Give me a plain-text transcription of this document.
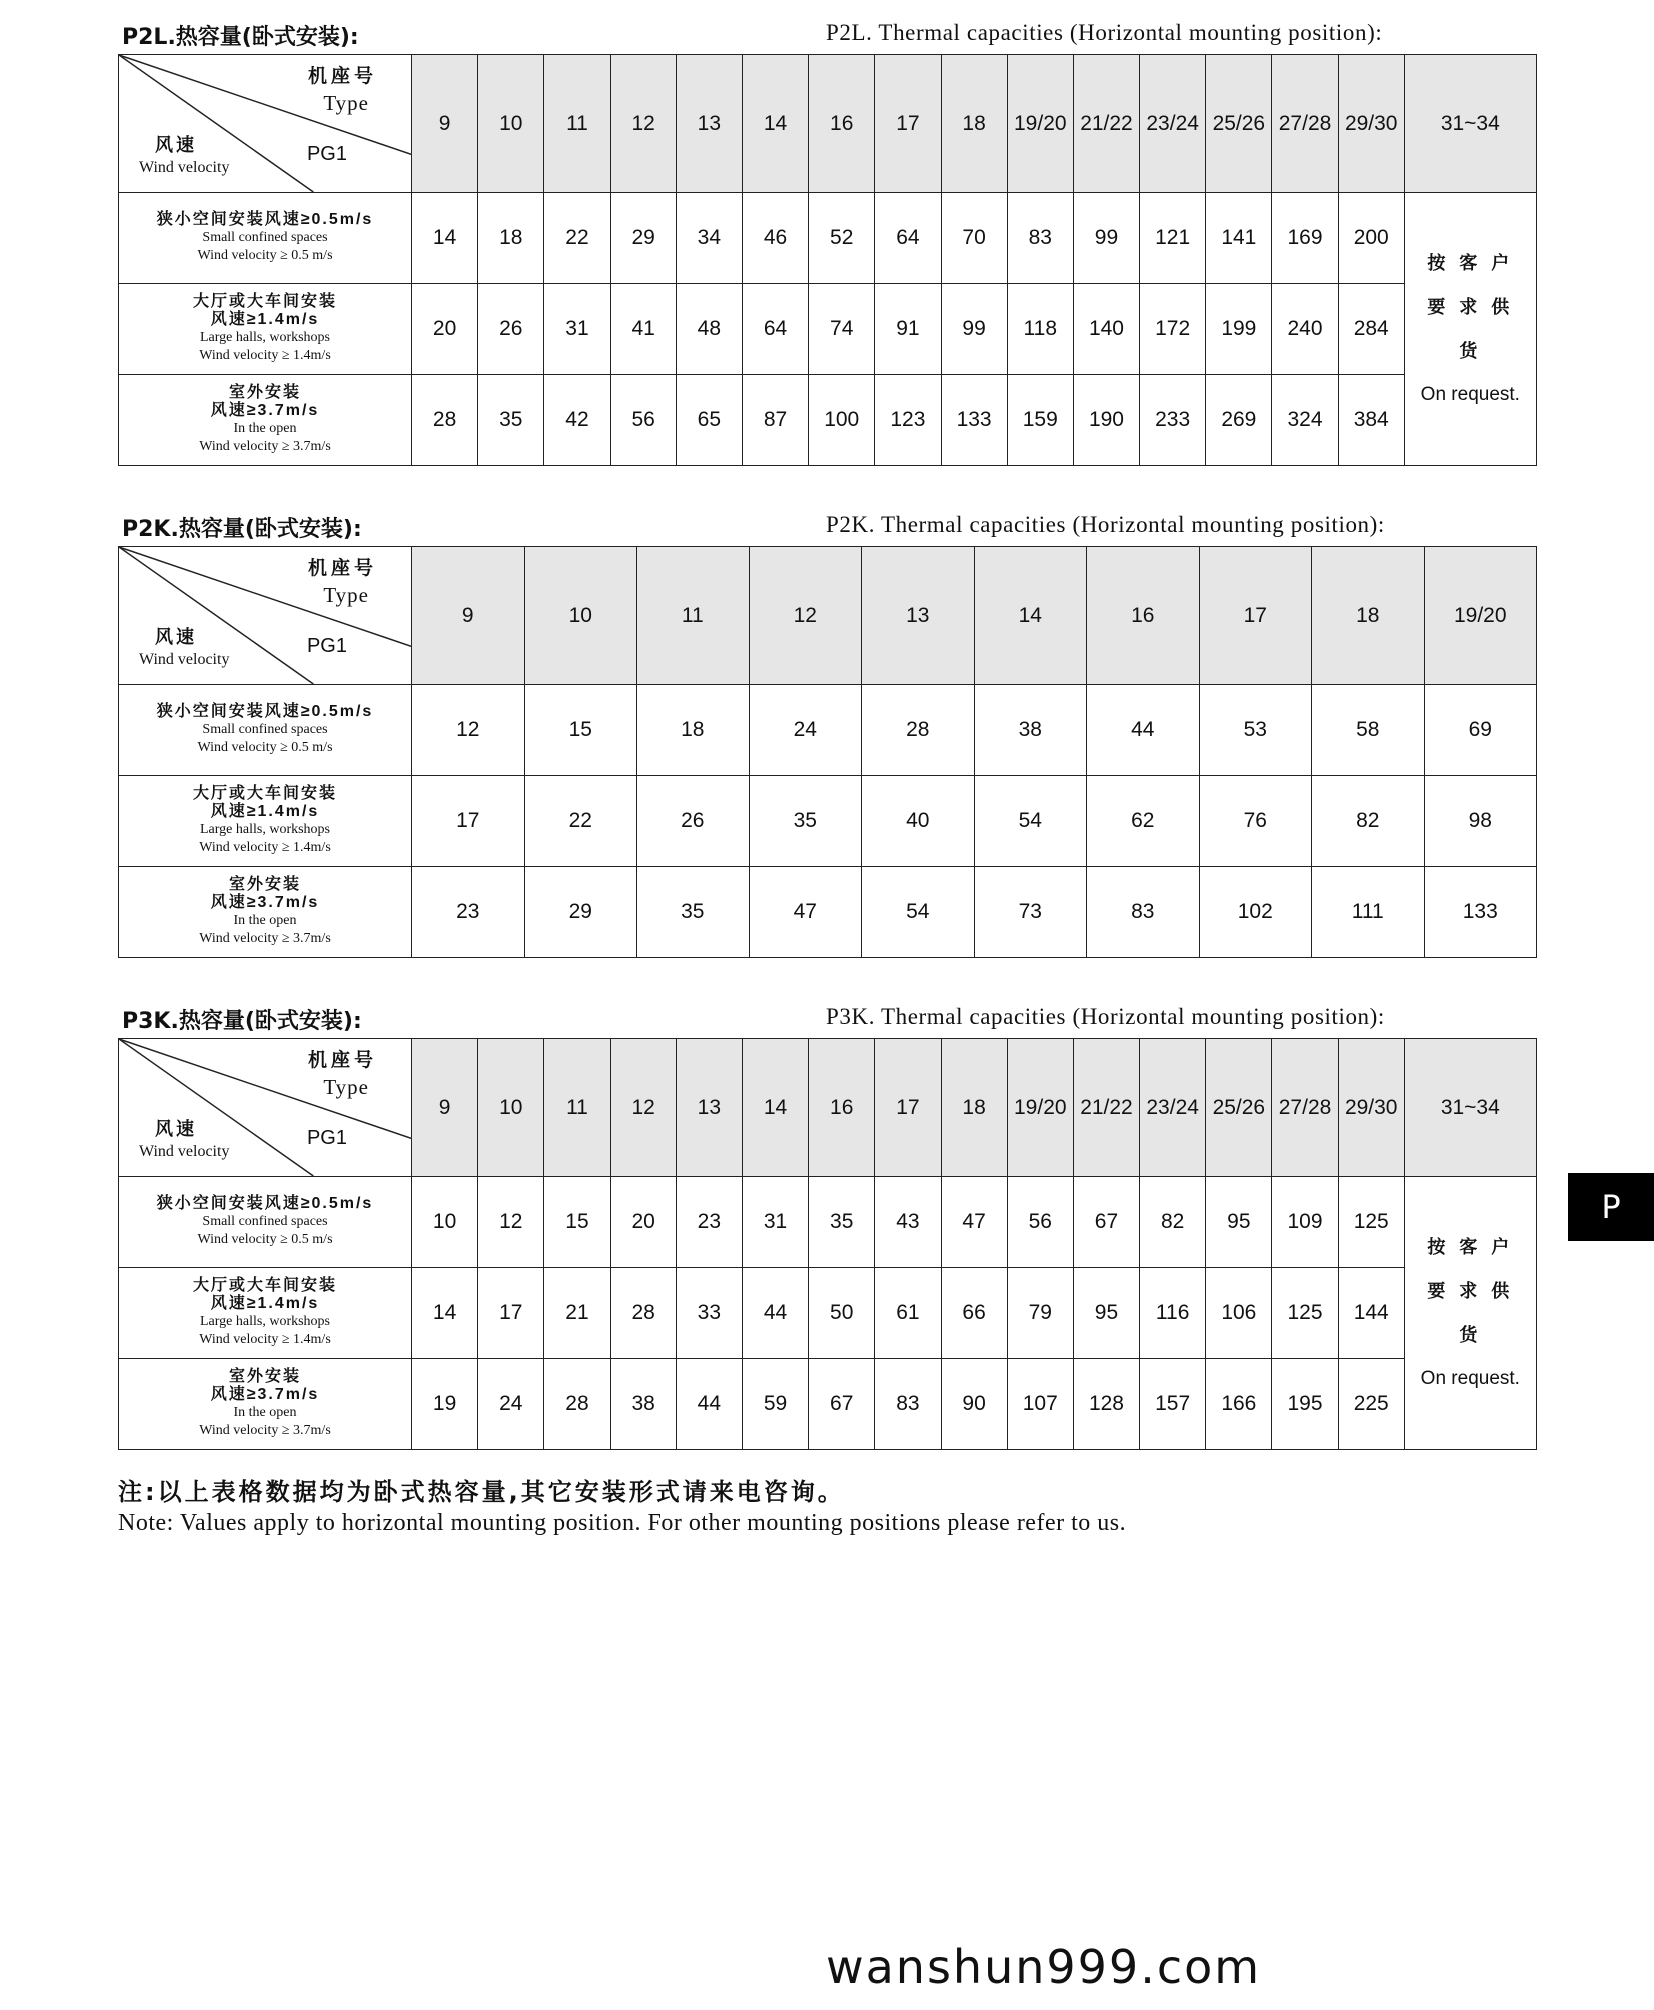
P2L.热容量(卧式安装):	P2L. Thermal capacities (Horizontal mounting position):
机座号
Type
PG1
风速
Wind velocity	9	10	11	12	13	14	16	17	18	19/20	21/22	23/24	25/26	27/28	29/30	31~34

狭小空间安装风速≥0.5m/s
Small confined spaces
Wind velocity ≥ 0.5 m/s	14	18	22	29	34	46	52	64	70	83	99	121	141	169	200	按客户
要求供货
On request.

大厅或大车间安装
风速≥1.4m/s
Large halls, workshops
Wind velocity ≥ 1.4m/s	20	26	31	41	48	64	74	91	99	118	140	172	199	240	284	

室外安装
风速≥3.7m/s
In the open
Wind velocity ≥ 3.7m/s	28	35	42	56	65	87	100	123	133	159	190	233	269	324	384	
P2K.热容量(卧式安装):	P2K. Thermal capacities (Horizontal mounting position):
机座号
Type
PG1
风速
Wind velocity	9	10	11	12	13	14	16	17	18	19/20

狭小空间安装风速≥0.5m/s
Small confined spaces
Wind velocity ≥ 0.5 m/s	12	15	18	24	28	38	44	53	58	69

大厅或大车间安装
风速≥1.4m/s
Large halls, workshops
Wind velocity ≥ 1.4m/s	17	22	26	35	40	54	62	76	82	98

室外安装
风速≥3.7m/s
In the open
Wind velocity ≥ 3.7m/s	23	29	35	47	54	73	83	102	111	133
P3K.热容量(卧式安装):	P3K. Thermal capacities (Horizontal mounting position):
机座号
Type
PG1
风速
Wind velocity	9	10	11	12	13	14	16	17	18	19/20	21/22	23/24	25/26	27/28	29/30	31~34

狭小空间安装风速≥0.5m/s
Small confined spaces
Wind velocity ≥ 0.5 m/s	10	12	15	20	23	31	35	43	47	56	67	82	95	109	125	按客户
要求供货
On request.

大厅或大车间安装
风速≥1.4m/s
Large halls, workshops
Wind velocity ≥ 1.4m/s	14	17	21	28	33	44	50	61	66	79	95	116	106	125	144	

室外安装
风速≥3.7m/s
In the open
Wind velocity ≥ 3.7m/s	19	24	28	38	44	59	67	83	90	107	128	157	166	195	225	
注:以上表格数据均为卧式热容量,其它安装形式请来电咨询。
Note: Values apply to horizontal mounting position. For other mounting positions please refer to us.
P
wanshun999.com
